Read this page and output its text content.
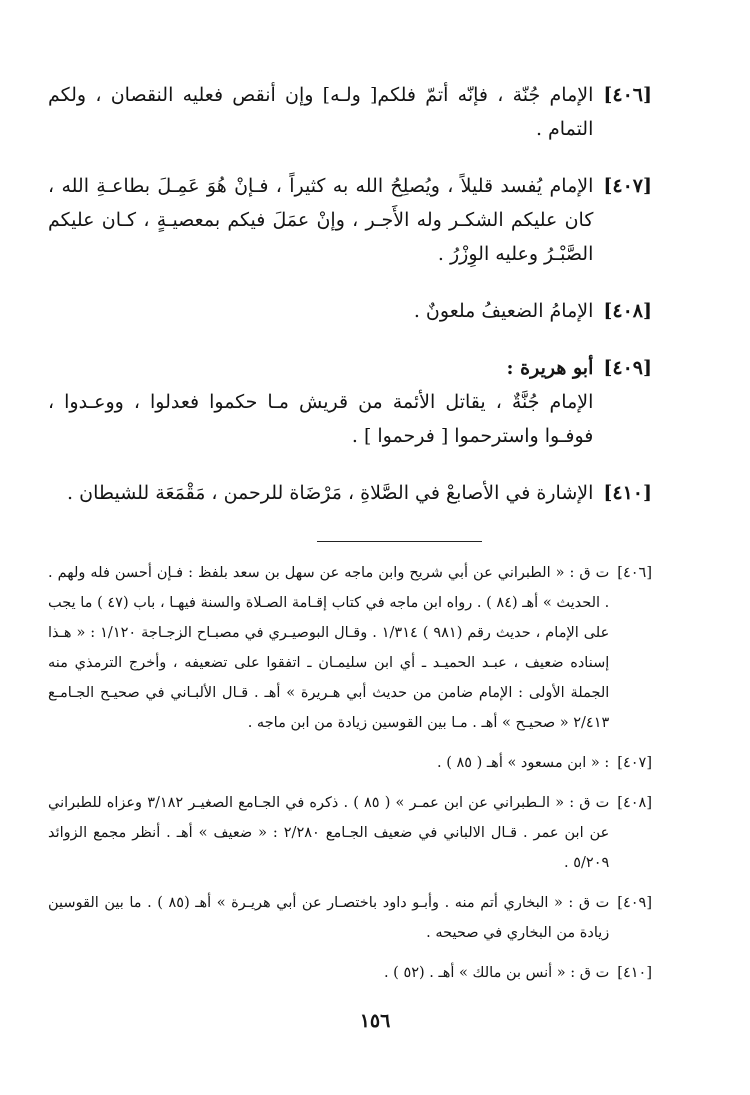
[٤٠٦]
الإمام جُنّة ، فإنّه أتمّ فلكم[ ولـه] وإن أنقص فعليه النقصان ، ولكم التمام .
[٤٠٧]
الإمام يُفسد قليلاً ، ويُصلِحُ الله به كثيراً ، فـإنْ هُوَ عَمِـلَ بطاعـةِ الله ، كان عليكم الشكـر وله الأَجـر ، وإنْ عمَلَ فيكم بمعصيـةٍ ، كـان عليكم الصَّبْـرُ وعليه الوِزْرُ .
[٤٠٨]
الإمامُ الضعيفُ ملعونٌ .
[٤٠٩]
أبو هريرة :
الإمام جُنَّةٌ ، يقاتل الأئمة من قريش مـا حكموا فعدلوا ، ووعـدوا ، فوفـوا واسترحموا [ فرحموا ] .
[٤١٠]
الإشارة في الأصابعْ في الصَّلاةِ ، مَرْضَاة للرحمن ، مَقْمَعَة للشيطان .
[٤٠٦]
ت ق : « الطبراني عن أبي شريح وابن ماجه عن سهل بن سعد بلفظ : فـإن أحسن فله ولهم . . الحديث » أهـ (٨٤ ) . رواه ابن ماجه في كتاب إقـامة الصـلاة والسنة فيهـا ، باب (٤٧ ) ما يجب على الإمام ، حديث رقم (٩٨١ ) ١/٣١٤ . وقـال البوصيـري في مصبـاح الزجـاجة ١/١٢٠ : « هـذا إسناده ضعيف ، عبـد الحميـد ـ أي ابن سليمـان ـ اتفقوا على تضعيفه ، وأخرج الترمذي منه الجملة الأولى : الإمام ضامن من حديث أبي هـريرة » أهـ . قـال الألبـاني في صحيـح الجـامـع ٢/٤١٣ « صحيـح » أهـ . مـا بين القوسين زيادة من ابن ماجه .
[٤٠٧]
: « ابن مسعود » أهـ ( ٨٥ ) .
[٤٠٨]
ت ق : « الـطبراني عن ابن عمـر » ( ٨٥ ) . ذكره في الجـامع الصغيـر ٣/١٨٢ وعزاه للطبراني عن ابن عمر . قـال الالباني في ضعيف الجـامع ٢/٢٨٠ : « ضعيف » أهـ . أنظر مجمع الزوائد ٥/٢٠٩ .
[٤٠٩]
ت ق : « البخاري أتم منه . وأبـو داود باختصـار عن أبي هريـرة » أهـ (٨٥ ) . ما بين القوسين زيادة من البخاري في صحيحه .
[٤١٠]
ت ق : « أنس بن مالك » أهـ . (٥٢ ) .
١٥٦
